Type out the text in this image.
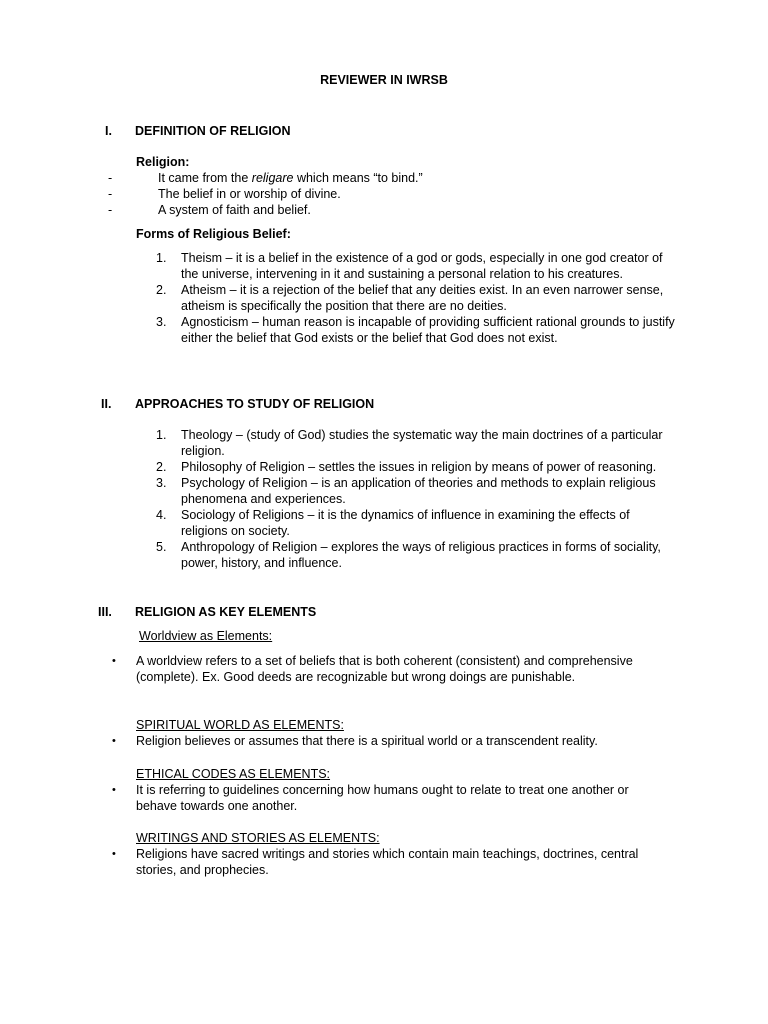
REVIEWER IN IWRSB
I. DEFINITION OF RELIGION
Religion:
-	It came from the religare which means “to bind.”
-	The belief in or worship of divine.
-	A system of faith and belief.
Forms of Religious Belief:
1. Theism – it is a belief in the existence of a god or gods, especially in one god creator of the universe, intervening in it and sustaining a personal relation to his creatures.
2. Atheism – it is a rejection of the belief that any deities exist. In an even narrower sense, atheism is specifically the position that there are no deities.
3. Agnosticism – human reason is incapable of providing sufficient rational grounds to justify either the belief that God exists or the belief that God does not exist.
II. APPROACHES TO STUDY OF RELIGION
1. Theology – (study of God) studies the systematic way the main doctrines of a particular religion.
2. Philosophy of Religion – settles the issues in religion by means of power of reasoning.
3. Psychology of Religion – is an application of theories and methods to explain religious phenomena and experiences.
4. Sociology of Religions – it is the dynamics of influence in examining the effects of religions on society.
5. Anthropology of Religion – explores the ways of religious practices in forms of sociality, power, history, and influence.
III. RELIGION AS KEY ELEMENTS
Worldview as Elements:
•	A worldview refers to a set of beliefs that is both coherent (consistent) and comprehensive (complete). Ex. Good deeds are recognizable but wrong doings are punishable.
SPIRITUAL WORLD AS ELEMENTS:
•	Religion believes or assumes that there is a spiritual world or a transcendent reality.
ETHICAL CODES AS ELEMENTS:
•	It is referring to guidelines concerning how humans ought to relate to treat one another or behave towards one another.
WRITINGS AND STORIES AS ELEMENTS:
•	Religions have sacred writings and stories which contain main teachings, doctrines, central stories, and prophecies.
